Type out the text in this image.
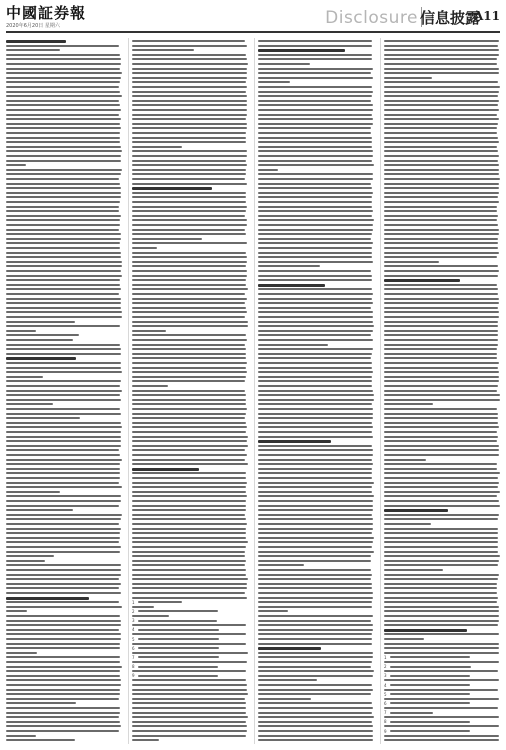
中國証券報
2020年6月20日 星期六	Disclosure 信息披露
A11
1
2
3
4
5
6
7
8
9
1
2
3
4
5
6
7
8
9
